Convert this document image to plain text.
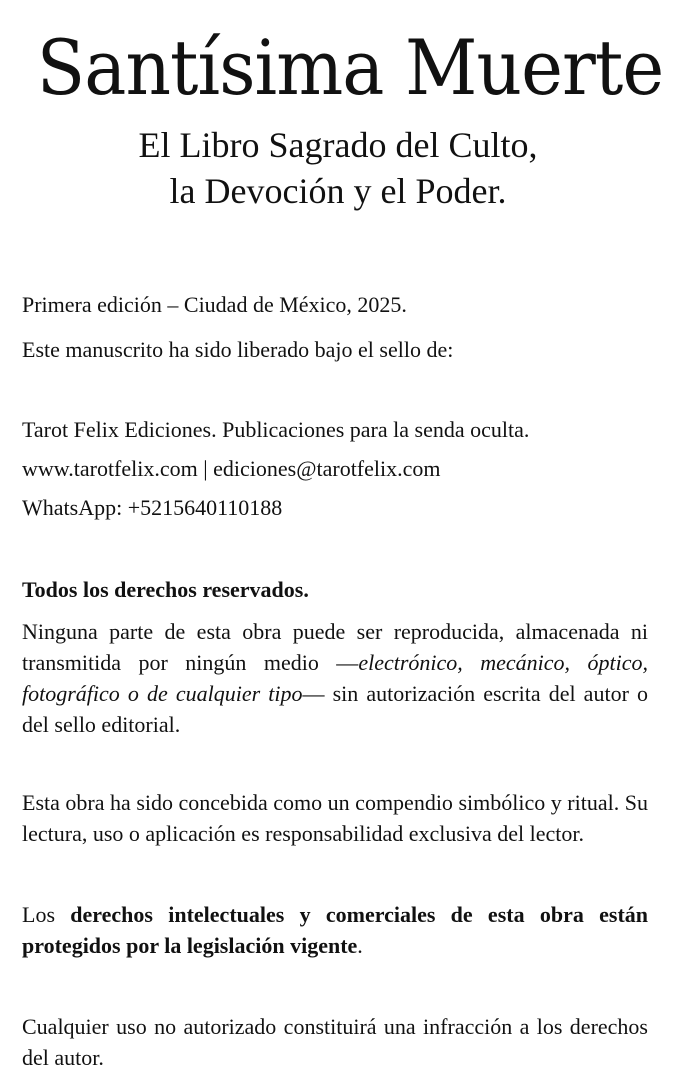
Santísima Muerte
El Libro Sagrado del Culto,
la Devoción y el Poder.

Primera edición – Ciudad de México, 2025.

Este manuscrito ha sido liberado bajo el sello de:

Tarot Felix Ediciones. Publicaciones para la senda oculta.

www.tarotfelix.com | ediciones@tarotfelix.com

WhatsApp: +5215640110188

Todos los derechos reservados.

Ninguna parte de esta obra puede ser reproducida, almacenada ni transmitida por ningún medio —electrónico, mecánico, óptico, fotográfico o de cualquier tipo— sin autorización escrita del autor o del sello editorial.

Esta obra ha sido concebida como un compendio simbólico y ritual. Su lectura, uso o aplicación es responsabilidad exclusiva del lector.

Los derechos intelectuales y comerciales de esta obra están protegidos por la legislación vigente.

Cualquier uso no autorizado constituirá una infracción a los derechos del autor.
